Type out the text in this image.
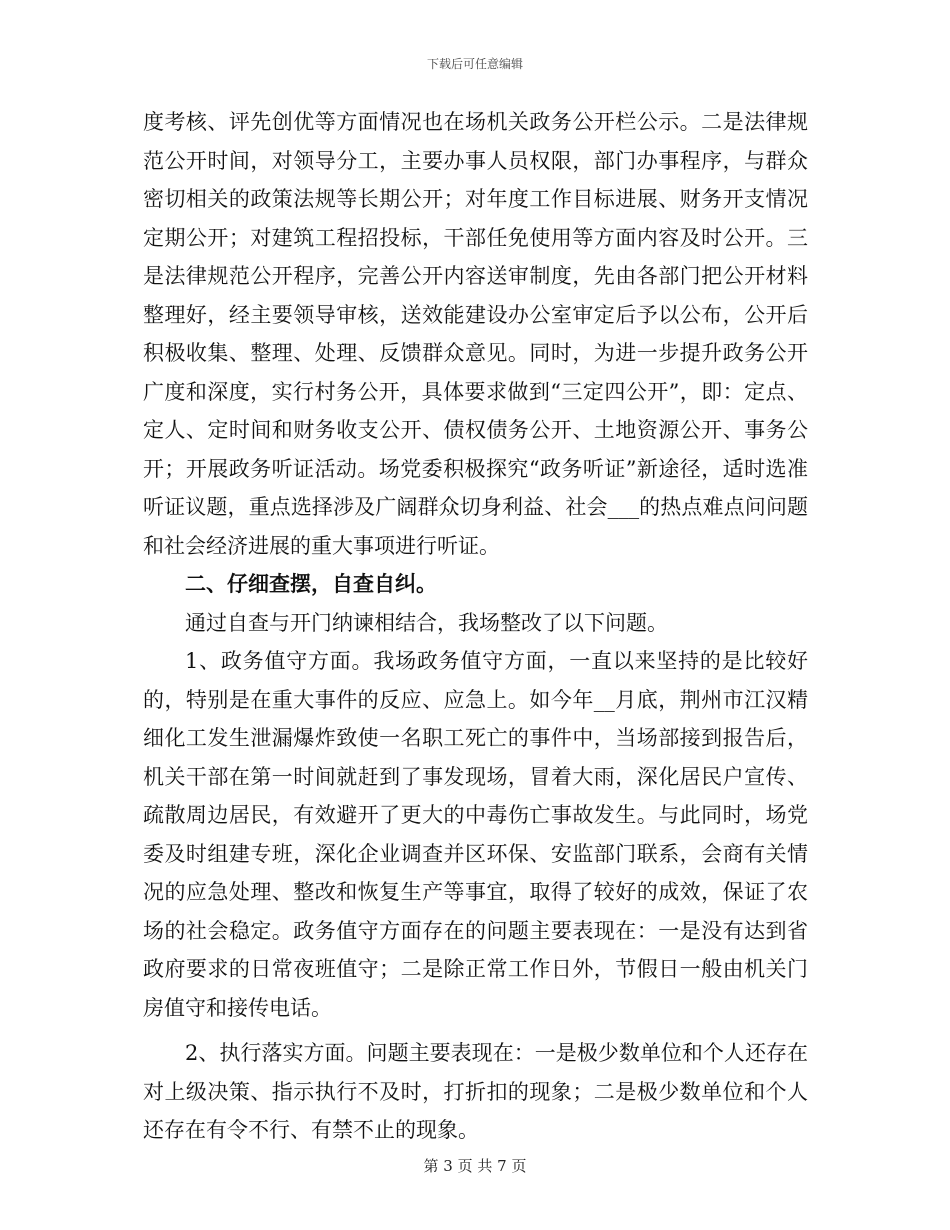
下载后可任意编辑

度考核、评先创优等方面情况也在场机关政务公开栏公示。二是法律规范公开时间，对领导分工，主要办事人员权限，部门办事程序，与群众密切相关的政策法规等长期公开；对年度工作目标进展、财务开支情况定期公开；对建筑工程招投标，干部任免使用等方面内容及时公开。三是法律规范公开程序，完善公开内容送审制度，先由各部门把公开材料整理好，经主要领导审核，送效能建设办公室审定后予以公布，公开后积极收集、整理、处理、反馈群众意见。同时，为进一步提升政务公开广度和深度，实行村务公开，具体要求做到“三定四公开”，即：定点、定人、定时间和财务收支公开、债权债务公开、土地资源公开、事务公开；开展政务听证活动。场党委积极探究“政务听证”新途径，适时选准听证议题，重点选择涉及广阔群众切身利益、社会___的热点难点问问题和社会经济进展的重大事项进行听证。

二、仔细查摆，自查自纠。

通过自查与开门纳谏相结合，我场整改了以下问题。

1、政务值守方面。我场政务值守方面，一直以来坚持的是比较好的，特别是在重大事件的反应、应急上。如今年__月底，荆州市江汉精细化工发生泄漏爆炸致使一名职工死亡的事件中，当场部接到报告后，机关干部在第一时间就赶到了事发现场，冒着大雨，深化居民户宣传、疏散周边居民，有效避开了更大的中毒伤亡事故发生。与此同时，场党委及时组建专班，深化企业调查并区环保、安监部门联系，会商有关情况的应急处理、整改和恢复生产等事宜，取得了较好的成效，保证了农场的社会稳定。政务值守方面存在的问题主要表现在：一是没有达到省政府要求的日常夜班值守；二是除正常工作日外，节假日一般由机关门房值守和接传电话。

2、执行落实方面。问题主要表现在：一是极少数单位和个人还存在对上级决策、指示执行不及时，打折扣的现象；二是极少数单位和个人还存在有令不行、有禁不止的现象。

第 3 页 共 7 页
